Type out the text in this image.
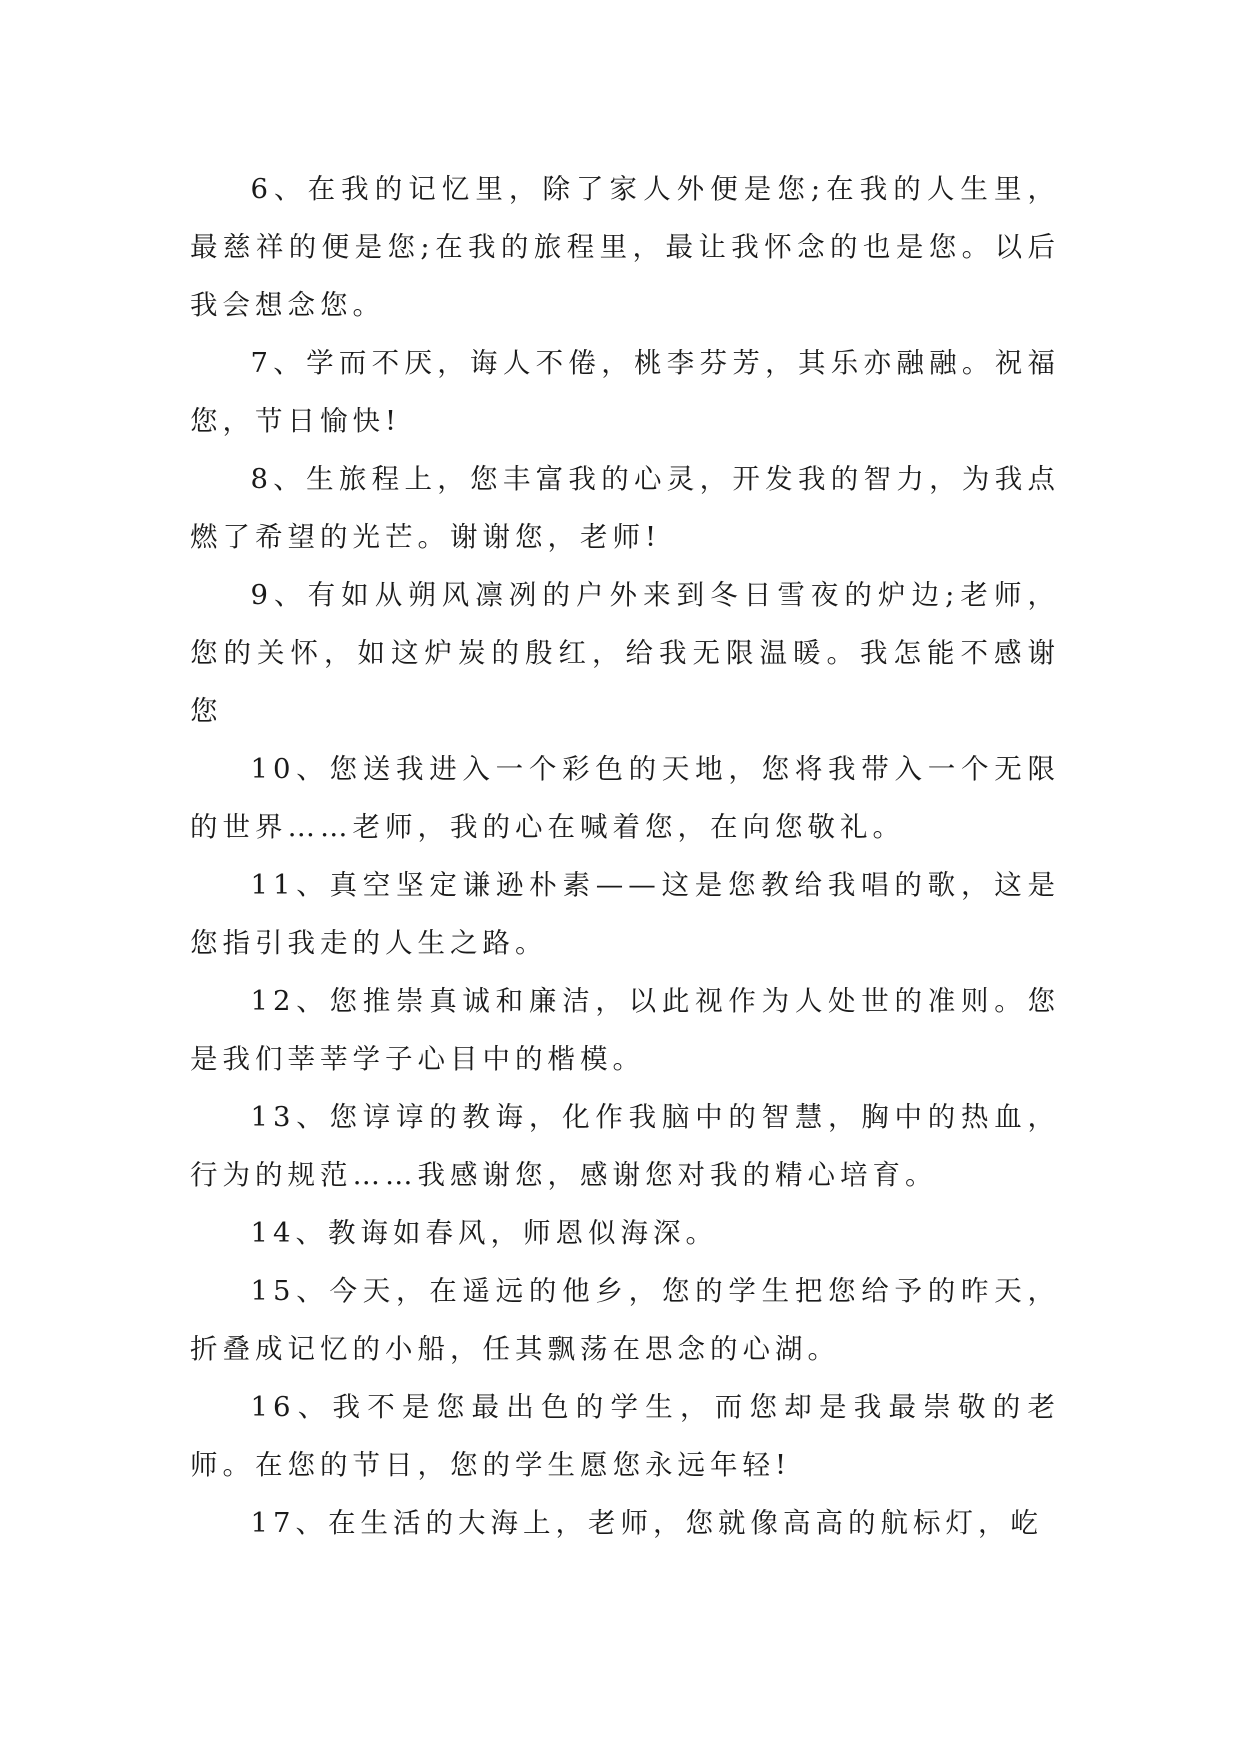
6、在我的记忆里，除了家人外便是您;在我的人生里，最慈祥的便是您;在我的旅程里，最让我怀念的也是您。以后我会想念您。

7、学而不厌，诲人不倦，桃李芬芳，其乐亦融融。祝福您，节日愉快!

8、生旅程上，您丰富我的心灵，开发我的智力，为我点燃了希望的光芒。谢谢您，老师!

9、有如从朔风凛冽的户外来到冬日雪夜的炉边;老师，您的关怀，如这炉炭的殷红，给我无限温暖。我怎能不感谢您

10、您送我进入一个彩色的天地，您将我带入一个无限的世界……老师，我的心在喊着您，在向您敬礼。

11、真空坚定谦逊朴素——这是您教给我唱的歌，这是您指引我走的人生之路。

12、您推崇真诚和廉洁，以此视作为人处世的准则。您是我们莘莘学子心目中的楷模。

13、您谆谆的教诲，化作我脑中的智慧，胸中的热血，行为的规范……我感谢您，感谢您对我的精心培育。

14、教诲如春风，师恩似海深。

15、今天，在遥远的他乡，您的学生把您给予的昨天，折叠成记忆的小船，任其飘荡在思念的心湖。

16、我不是您最出色的学生，而您却是我最崇敬的老师。在您的节日，您的学生愿您永远年轻!

17、在生活的大海上，老师，您就像高高的航标灯，屹
